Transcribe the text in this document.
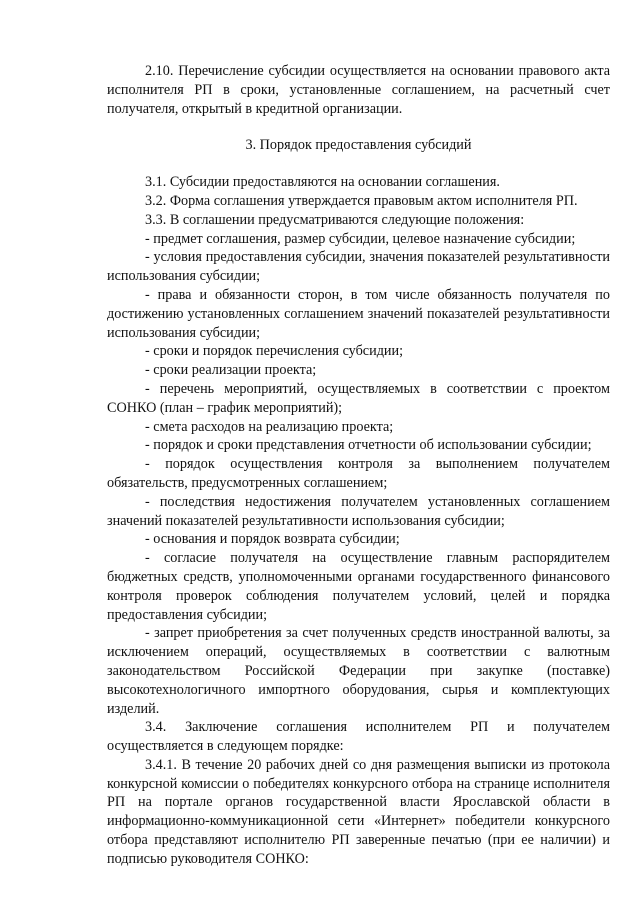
2.10. Перечисление субсидии осуществляется на основании правового акта исполнителя РП в сроки, установленные соглашением, на расчетный счет получателя, открытый в кредитной организации.

3. Порядок предоставления субсидий

3.1. Субсидии предоставляются на основании соглашения.

3.2. Форма соглашения утверждается правовым актом исполнителя РП.

3.3. В соглашении предусматриваются следующие положения:

- предмет соглашения, размер субсидии, целевое назначение субсидии;

- условия предоставления субсидии, значения показателей результативности использования субсидии;

- права и обязанности сторон, в том числе обязанность получателя по достижению установленных соглашением значений показателей результативности использования субсидии;

- сроки и порядок перечисления субсидии;

- сроки реализации проекта;

- перечень мероприятий, осуществляемых в соответствии с проектом СОНКО (план – график мероприятий);

- смета расходов на реализацию проекта;

- порядок и сроки представления отчетности об использовании субсидии;

- порядок осуществления контроля за выполнением получателем обязательств, предусмотренных соглашением;

- последствия недостижения получателем установленных соглашением значений показателей результативности использования субсидии;

- основания и порядок возврата субсидии;

- согласие получателя на осуществление главным распорядителем бюджетных средств, уполномоченными органами государственного финансового контроля проверок соблюдения получателем условий, целей и порядка предоставления субсидии;

- запрет приобретения за счет полученных средств иностранной валюты, за исключением операций, осуществляемых в соответствии с валютным законодательством Российской Федерации при закупке (поставке) высокотехнологичного импортного оборудования, сырья и комплектующих изделий.

3.4. Заключение соглашения исполнителем РП и получателем осуществляется в следующем порядке:

3.4.1. В течение 20 рабочих дней со дня размещения выписки из протокола конкурсной комиссии о победителях конкурсного отбора на странице исполнителя РП на портале органов государственной власти Ярославской области в информационно-коммуникационной сети «Интернет» победители конкурсного отбора представляют исполнителю РП заверенные печатью (при ее наличии) и подписью руководителя СОНКО:
